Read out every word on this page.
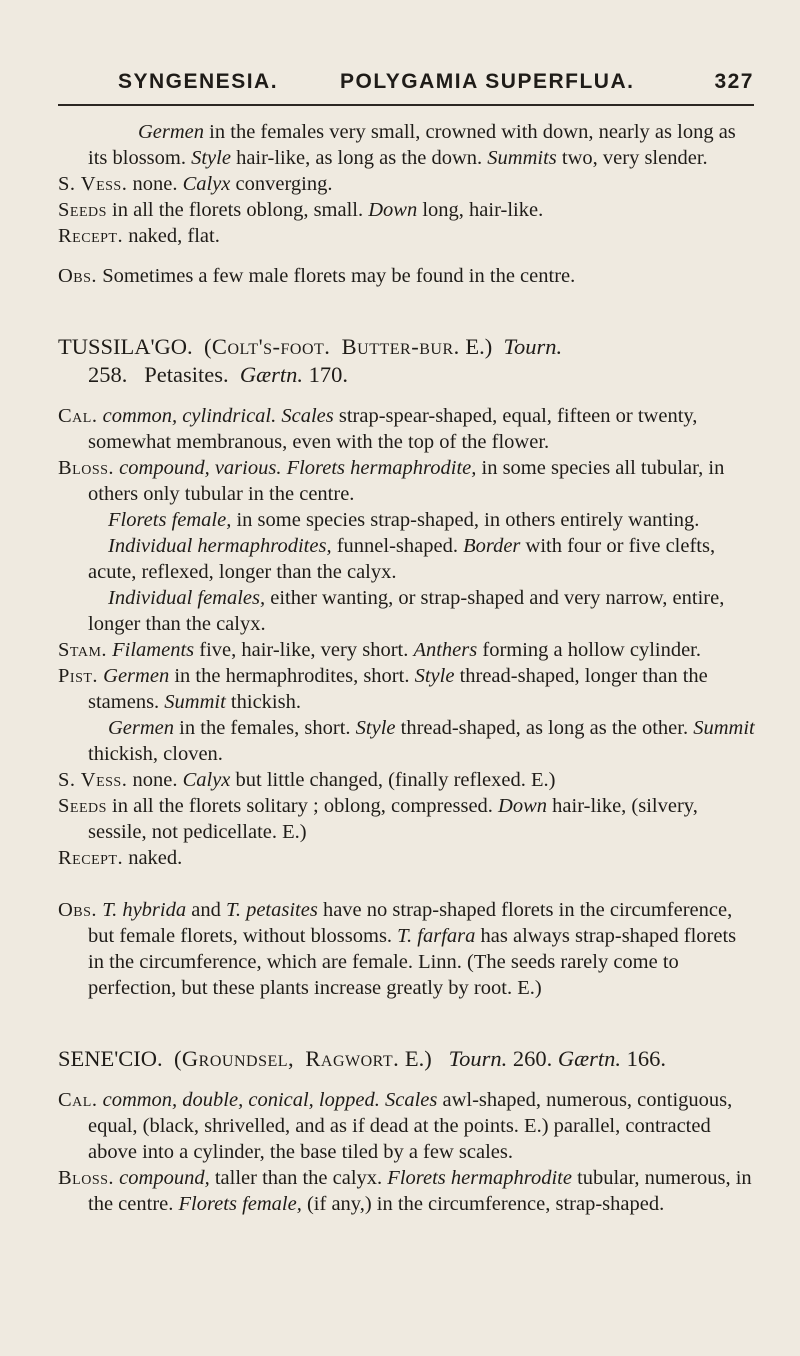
SYNGENESIA.	POLYGAMIA SUPERFLUA.	327

Germen in the females very small, crowned with down, nearly as long as its blossom. Style hair-like, as long as the down. Summits two, very slender.

S. Vess. none. Calyx converging.

Seeds in all the florets oblong, small. Down long, hair-like.

Recept. naked, flat.

Obs. Sometimes a few male florets may be found in the centre.

TUSSILA'GO. (Colt's-foot. Butter-bur. E.) Tourn. 258. Petasites. Gærtn. 170.

Cal. common, cylindrical. Scales strap-spear-shaped, equal, fifteen or twenty, somewhat membranous, even with the top of the flower.

Bloss. compound, various. Florets hermaphrodite, in some species all tubular, in others only tubular in the centre.

Florets female, in some species strap-shaped, in others entirely wanting.

Individual hermaphrodites, funnel-shaped. Border with four or five clefts, acute, reflexed, longer than the calyx.

Individual females, either wanting, or strap-shaped and very narrow, entire, longer than the calyx.

Stam. Filaments five, hair-like, very short. Anthers forming a hollow cylinder.

Pist. Germen in the hermaphrodites, short. Style thread-shaped, longer than the stamens. Summit thickish.

Germen in the females, short. Style thread-shaped, as long as the other. Summit thickish, cloven.

S. Vess. none. Calyx but little changed, (finally reflexed. E.)

Seeds in all the florets solitary ; oblong, compressed. Down hair-like, (silvery, sessile, not pedicellate. E.)

Recept. naked.

Obs. T. hybrida and T. petasites have no strap-shaped florets in the circumference, but female florets, without blossoms. T. farfara has always strap-shaped florets in the circumference, which are female. Linn. (The seeds rarely come to perfection, but these plants increase greatly by root. E.)

SENE'CIO. (Groundsel, Ragwort. E.) Tourn. 260. Gærtn. 166.

Cal. common, double, conical, lopped. Scales awl-shaped, numerous, contiguous, equal, (black, shrivelled, and as if dead at the points. E.) parallel, contracted above into a cylinder, the base tiled by a few scales.

Bloss. compound, taller than the calyx. Florets hermaphrodite tubular, numerous, in the centre. Florets female, (if any,) in the circumference, strap-shaped.
